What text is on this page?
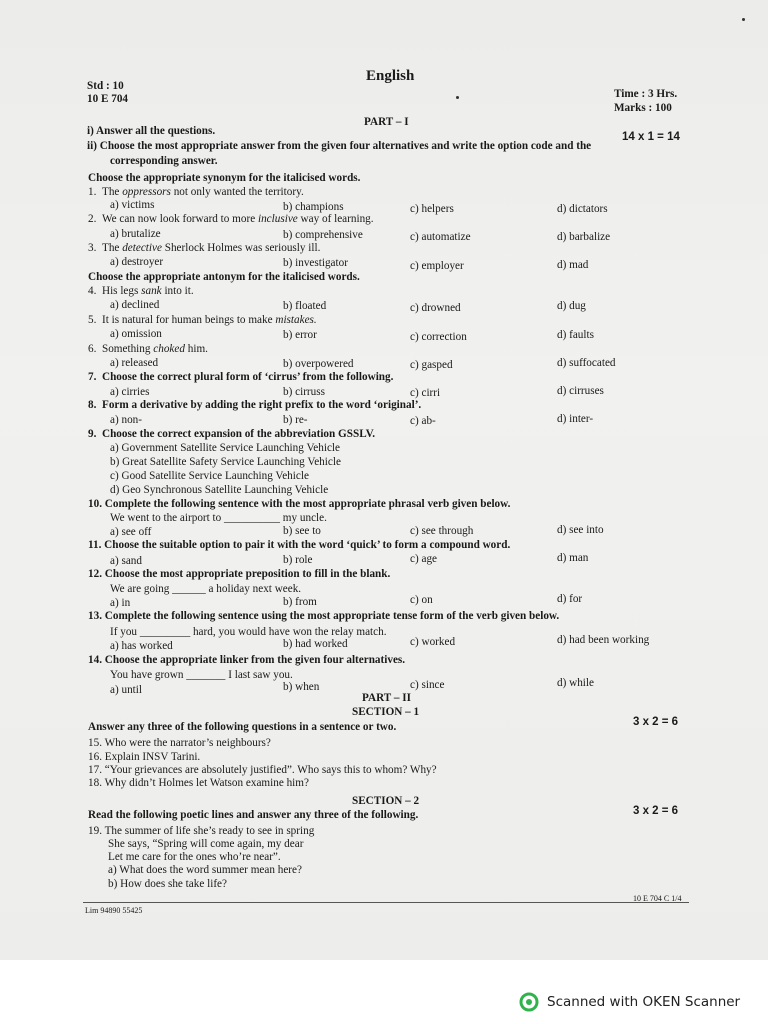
English
Std : 10
10 E 704	Time : 3 Hrs.
Marks : 100
PART – I
14 x 1 = 14
i) Answer all the questions.
ii) Choose the most appropriate answer from the given four alternatives and write the option code and the
corresponding answer.
Choose the appropriate synonym for the italicised words.
1. The oppressors not only wanted the territory.
a) victims	b) champions	c) helpers	d) dictators
2. We can now look forward to more inclusive way of learning.
a) brutalize	b) comprehensive	c) automatize	d) barbalize
3. The detective Sherlock Holmes was seriously ill.
a) destroyer	b) investigator	c) employer	d) mad
Choose the appropriate antonym for the italicised words.
4. His legs sank into it.
a) declined	b) floated	c) drowned	d) dug
5. It is natural for human beings to make mistakes.
a) omission	b) error	c) correction	d) faults
6. Something choked him.
a) released	b) overpowered	c) gasped	d) suffocated
7. Choose the correct plural form of ‘cirrus’ from the following.
a) cirries	b) cirruss	c) cirri	d) cirruses
8. Form a derivative by adding the right prefix to the word ‘original’.
a) non-	b) re-	c) ab-	d) inter-
9. Choose the correct expansion of the abbreviation GSSLV.
a) Government Satellite Service Launching Vehicle
b) Great Satellite Safety Service Launching Vehicle
c) Good Satellite Service Launching Vehicle
d) Geo Synchronous Satellite Launching Vehicle
10. Complete the following sentence with the most appropriate phrasal verb given below.
We went to the airport to __________ my uncle.
a) see off	b) see to	c) see through	d) see into
11. Choose the suitable option to pair it with the word ‘quick’ to form a compound word.
a) sand	b) role	c) age	d) man
12. Choose the most appropriate preposition to fill in the blank.
We are going ______ a holiday next week.
a) in	b) from	c) on	d) for
13. Complete the following sentence using the most appropriate tense form of the verb given below.
If you _________ hard, you would have won the relay match.
a) has worked	b) had worked	c) worked	d) had been working
14. Choose the appropriate linker from the given four alternatives.
You have grown _______ I last saw you.
a) until	b) when	c) since	d) while
PART – II
SECTION – 1
Answer any three of the following questions in a sentence or two.	3 x 2 = 6
15. Who were the narrator’s neighbours?
16. Explain INSV Tarini.
17. “Your grievances are absolutely justified”. Who says this to whom? Why?
18. Why didn’t Holmes let Watson examine him?
SECTION – 2
Read the following poetic lines and answer any three of the following.	3 x 2 = 6
19. The summer of life she’s ready to see in spring
She says, “Spring will come again, my dear
Let me care for the ones who’re near”.
a) What does the word summer mean here?
b) How does she take life?
Lim 94890 55425
10 E 704 C 1/4
Scanned with OKEN Scanner
